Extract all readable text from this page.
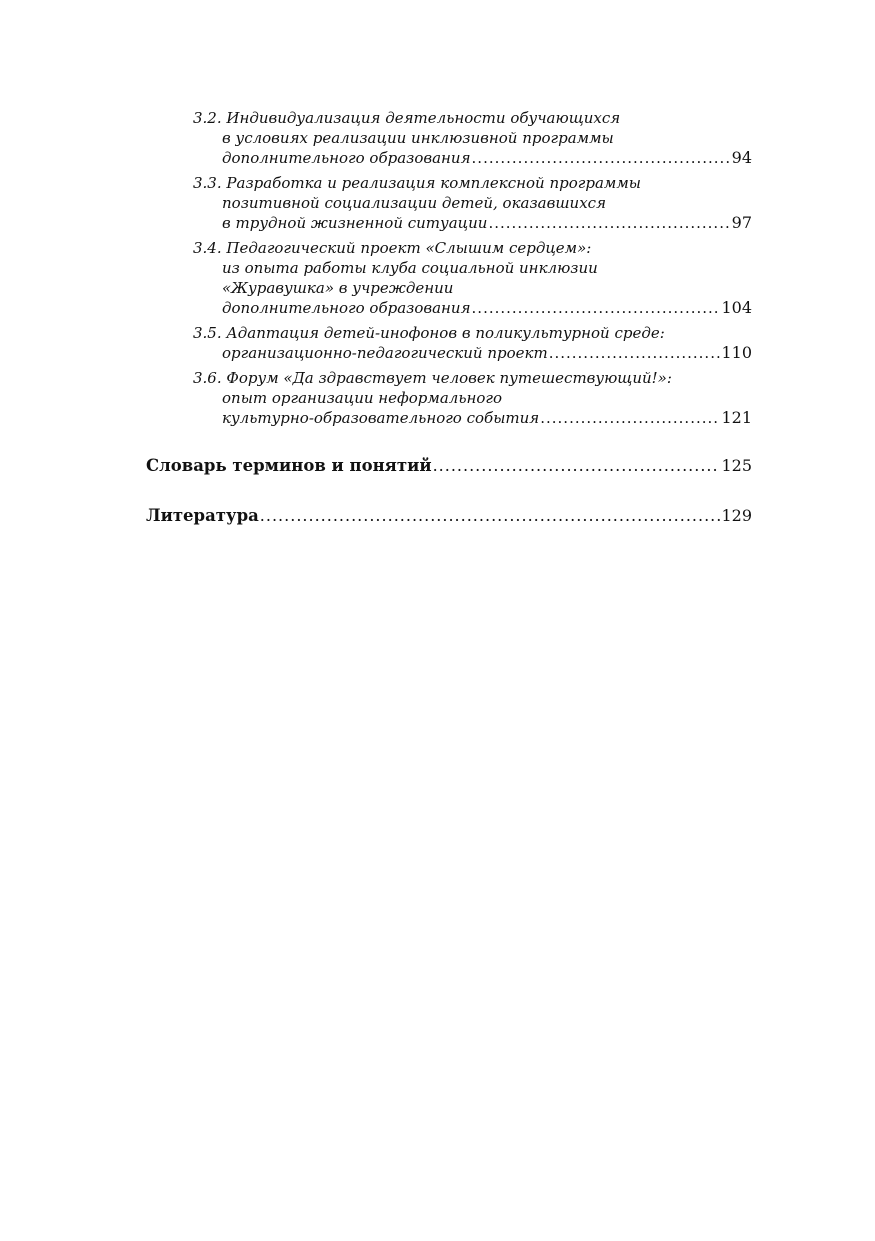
3.2. Индивидуализация деятельности обучающихся
в условиях реализации инклюзивной программы
дополнительного образования .....	94
3.3. Разработка и реализация комплексной программы
позитивной социализации детей, оказавшихся
в трудной жизненной ситуации .....	97
3.4. Педагогический проект «Слышим сердцем»:
из опыта работы клуба социальной инклюзии
«Журавушка» в учреждении
дополнительного образования .....	104
3.5. Адаптация детей-инофонов в поликультурной среде:
организационно-педагогический проект .....	110
3.6. Форум «Да здравствует человек путешествующий!»:
опыт организации неформального
культурно-образовательного события .....	121
Словарь терминов и понятий .....	125
Литература .....	129
